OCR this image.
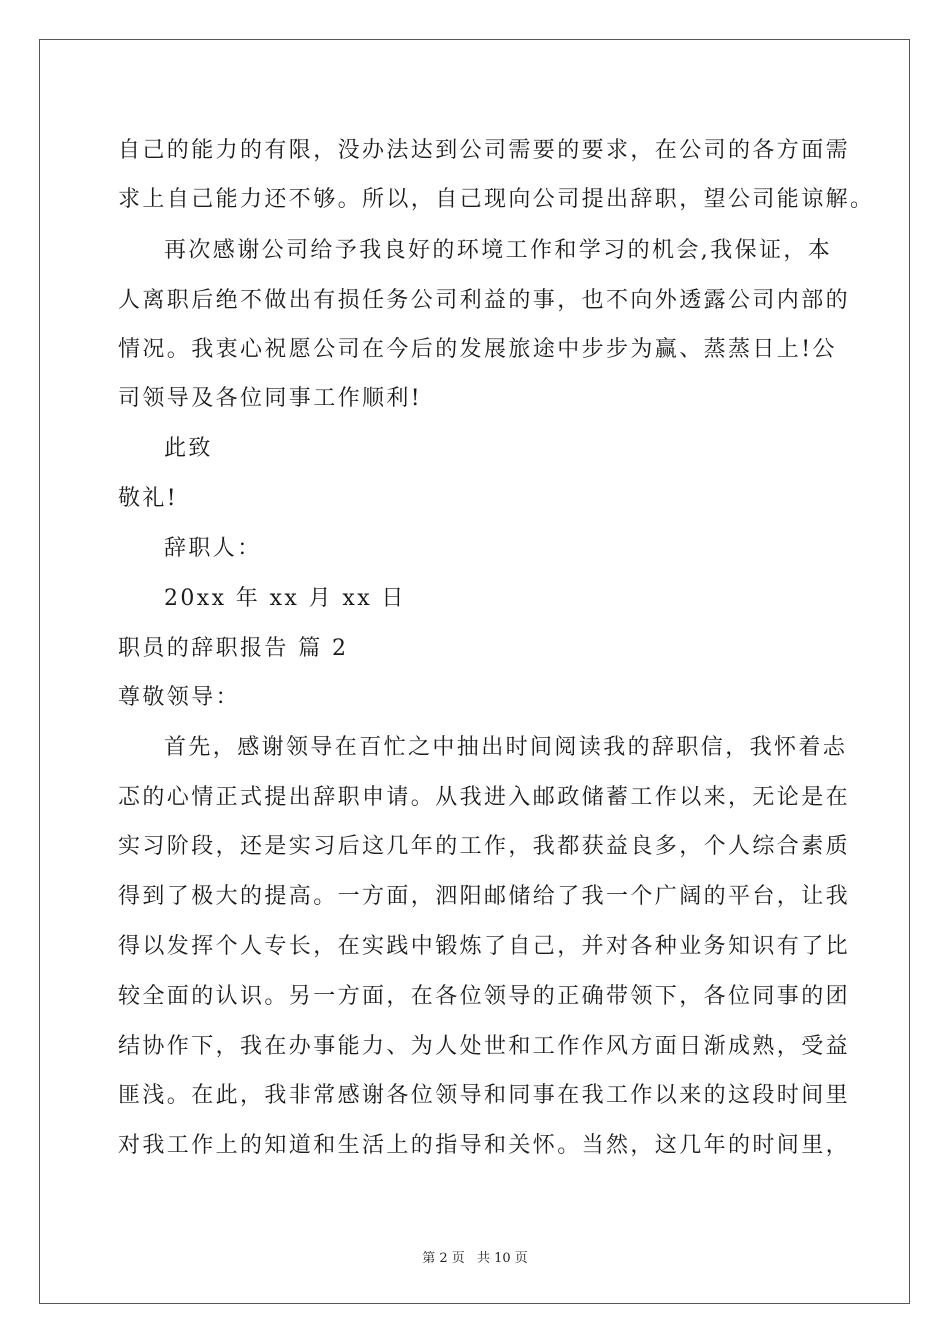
自己的能力的有限，没办法达到公司需要的要求，在公司的各方面需
求上自己能力还不够。所以，自己现向公司提出辞职，望公司能谅解。
再次感谢公司给予我良好的环境工作和学习的机会,我保证，本
人离职后绝不做出有损任务公司利益的事，也不向外透露公司内部的
情况。我衷心祝愿公司在今后的发展旅途中步步为赢、蒸蒸日上!公
司领导及各位同事工作顺利!
此致
敬礼!
辞职人：
20xx 年 xx 月 xx 日
职员的辞职报告 篇 2
尊敬领导：
首先，感谢领导在百忙之中抽出时间阅读我的辞职信，我怀着忐
忑的心情正式提出辞职申请。从我进入邮政储蓄工作以来，无论是在
实习阶段，还是实习后这几年的工作，我都获益良多，个人综合素质
得到了极大的提高。一方面，泗阳邮储给了我一个广阔的平台，让我
得以发挥个人专长，在实践中锻炼了自己，并对各种业务知识有了比
较全面的认识。另一方面，在各位领导的正确带领下，各位同事的团
结协作下，我在办事能力、为人处世和工作作风方面日渐成熟，受益
匪浅。在此，我非常感谢各位领导和同事在我工作以来的这段时间里
对我工作上的知道和生活上的指导和关怀。当然，这几年的时间里，
第 2 页 共 10 页
